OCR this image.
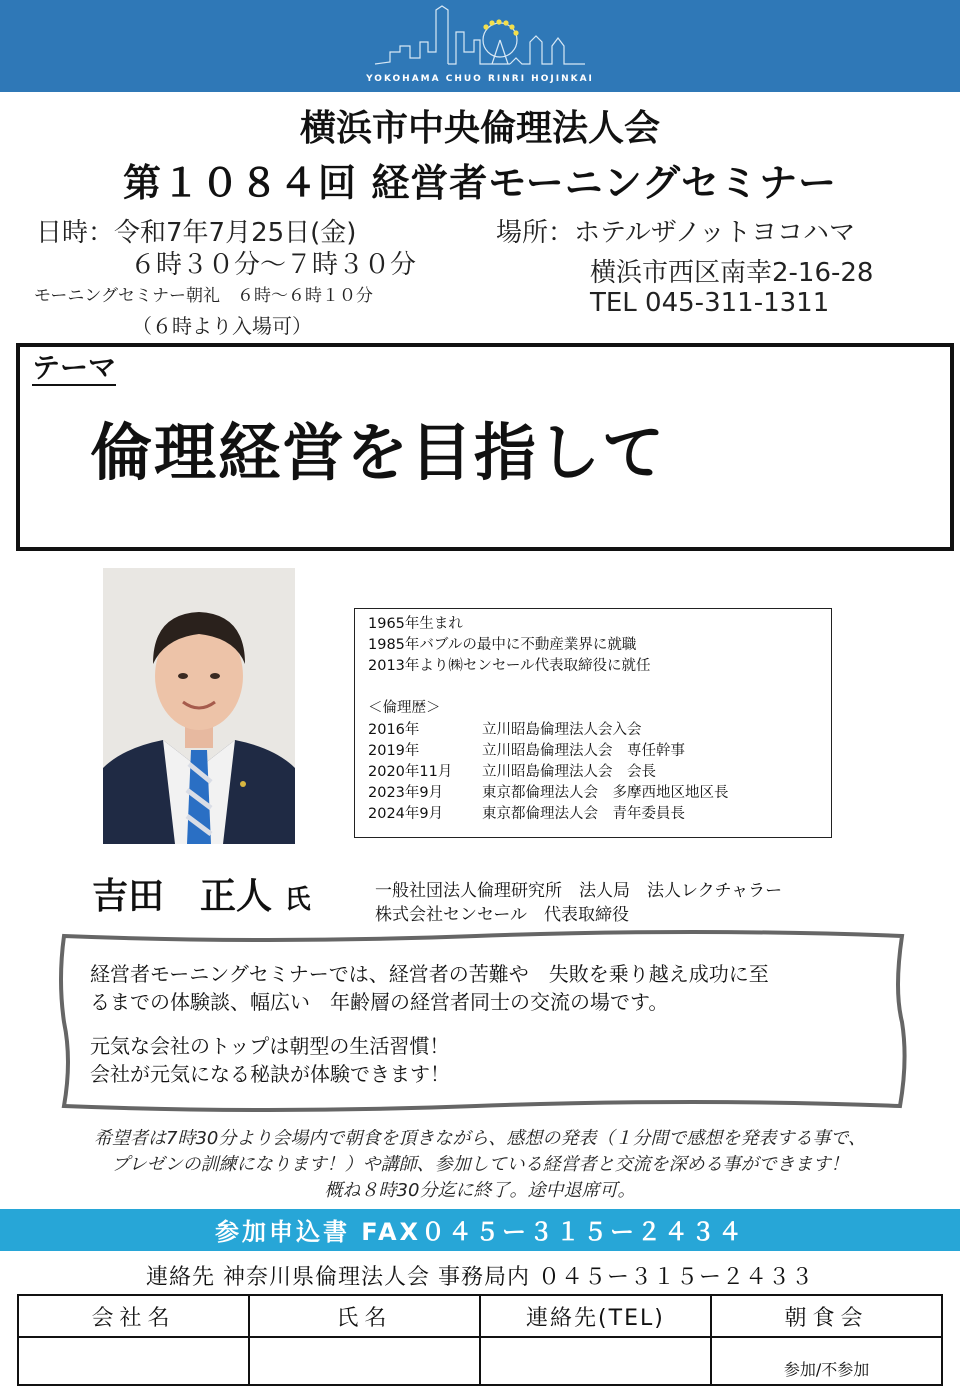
YOKOHAMA CHUO RINRI HOJINKAI
横浜市中央倫理法人会
第１０８４回 経営者モーニングセミナー
日時：令和7年7月25日(金)
６時３０分〜７時３０分
モーニングセミナー朝礼　６時〜６時１０分
（６時より入場可）
場所：ホテルザノットヨコハマ
横浜市西区南幸2-16-28
TEL 045-311-1311
テーマ
倫理経営を目指して
1965年生まれ
1985年バブルの最中に不動産業界に就職
2013年より㈱センセール代表取締役に就任
＜倫理歴＞
2016年	立川昭島倫理法人会入会
2019年	立川昭島倫理法人会　専任幹事
2020年11月 立川昭島倫理法人会　会長
2023年9月	東京都倫理法人会　多摩西地区地区長
2024年9月	東京都倫理法人会　青年委員長
吉田　正人 氏	一般社団法人倫理研究所　法人局　法人レクチャラー
株式会社センセール　代表取締役
経営者モーニングセミナーでは、経営者の苦難や　失敗を乗り越え成功に至
るまでの体験談、幅広い　年齢層の経営者同士の交流の場です。
元気な会社のトップは朝型の生活習慣！
会社が元気になる秘訣が体験できます！
希望者は7時30分より会場内で朝食を頂きながら、感想の発表（１分間で感想を発表する事で、
プレゼンの訓練になります！）や講師、参加している経営者と交流を深める事ができます！
概ね８時30分迄に終了。途中退席可。
参加申込書 FAX０４５ー３１５ー２４３４
連絡先 神奈川県倫理法人会 事務局内 ０４５ー３１５ー２４３３
会社名	氏名	連絡先(TEL)	朝食会
			参加/不参加
